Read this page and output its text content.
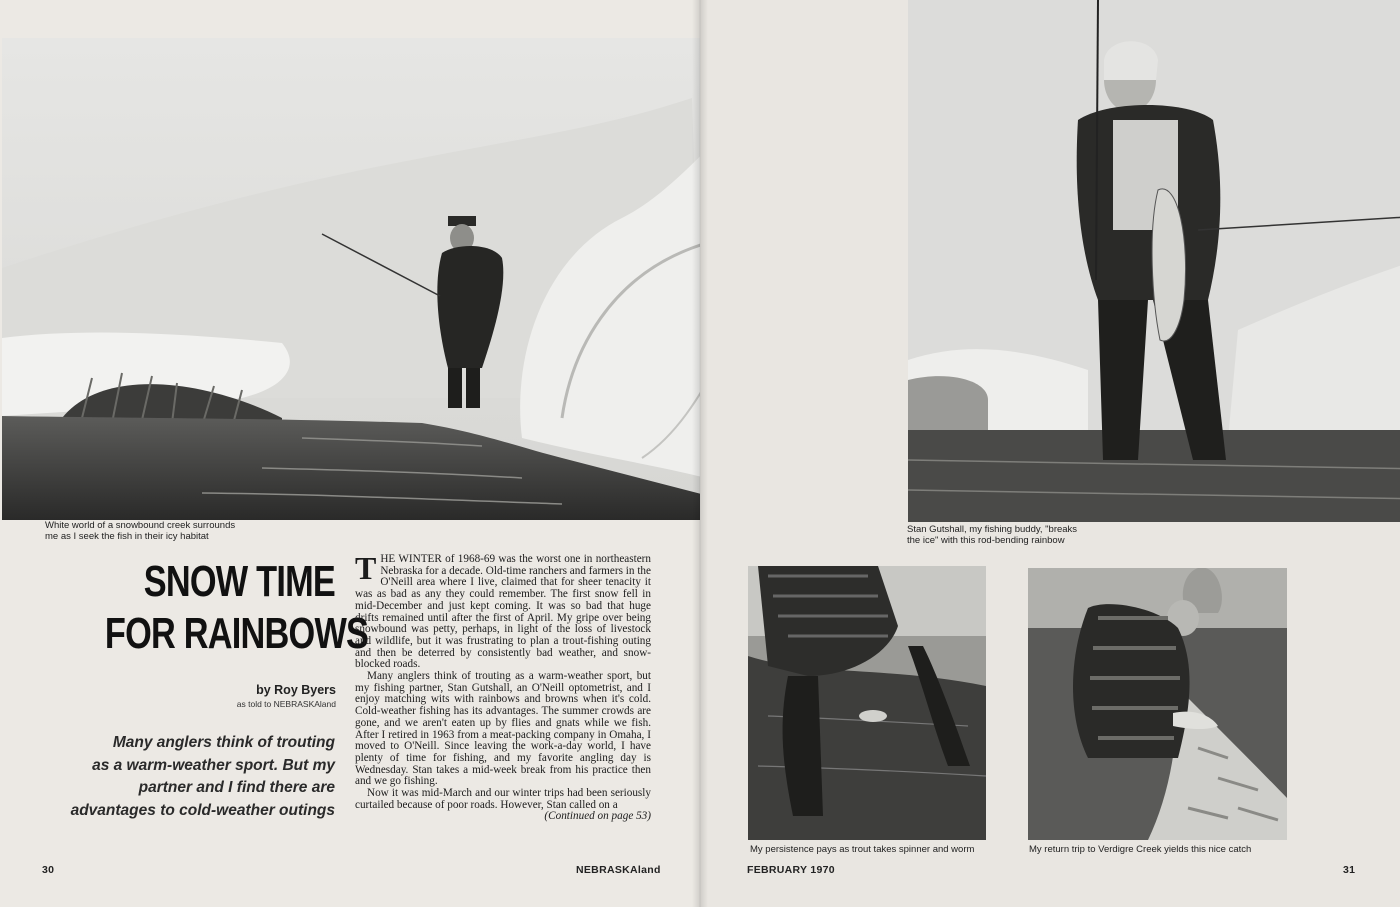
White world of a snowbound creek surrounds
me as I seek the fish in their icy habitat
SNOW TIME
FOR RAINBOWS
by Roy Byers
as told to NEBRASKAland
Many anglers think of trouting
as a warm-weather sport. But my
partner and I find there are
advantages to cold-weather outings

THE WINTER of 1968-69 was the worst one in northeastern Nebraska for a decade. Old-time ranchers and farmers in the O'Neill area where I live, claimed that for sheer tenacity it was as bad as any they could remember. The first snow fell in mid-December and just kept coming. It was so bad that huge drifts remained until after the first of April. My gripe over being snowbound was petty, perhaps, in light of the loss of livestock and wildlife, but it was frustrating to plan a trout-fishing outing and then be deterred by consistently bad weather, and snow-blocked roads.

Many anglers think of trouting as a warm-weather sport, but my fishing partner, Stan Gutshall, an O'Neill optometrist, and I enjoy matching wits with rainbows and browns when it's cold. Cold-weather fishing has its advantages. The summer crowds are gone, and we aren't eaten up by flies and gnats while we fish. After I retired in 1963 from a meat-packing company in Omaha, I moved to O'Neill. Since leaving the work-a-day world, I have plenty of time for fishing, and my favorite angling day is Wednesday. Stan takes a mid-week break from his practice then and we go fishing.

Now it was mid-March and our winter trips had been seriously curtailed because of poor roads. However, Stan called on a
(Continued on page 53)

30	NEBRASKAland
Stan Gutshall, my fishing buddy, "breaks
the ice" with this rod-bending rainbow
My persistence pays as trout takes spinner and worm	My return trip to Verdigre Creek yields this nice catch
FEBRUARY 1970	31
